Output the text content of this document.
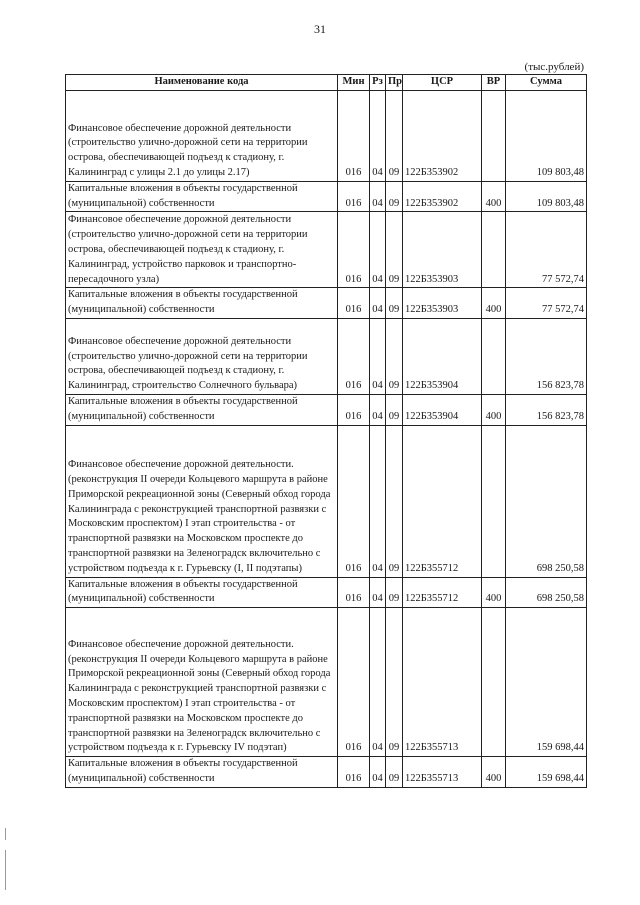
31
(тыс.рублей)
Наименование кода	Мин	Рз	Пр	ЦСР	ВР	Сумма
Финансовое обеспечение дорожной деятельности (строительство улично-дорожной сети на территории острова, обеспечивающей подъезд к стадиону, г. Калининград с улицы 2.1 до улицы 2.17)	016	04	09	122Б353902		109 803,48
Капитальные вложения в объекты государственной (муниципальной) собственности	016	04	09	122Б353902	400	109 803,48
Финансовое обеспечение дорожной деятельности (строительство улично-дорожной сети на территории острова, обеспечивающей подъезд к стадиону, г. Калининград, устройство парковок и транспортно-пересадочного узла)	016	04	09	122Б353903		77 572,74
Капитальные вложения в объекты государственной (муниципальной) собственности	016	04	09	122Б353903	400	77 572,74
Финансовое обеспечение дорожной деятельности (строительство улично-дорожной сети на территории острова, обеспечивающей подъезд к стадиону, г. Калининград, строительство Солнечного бульвара)	016	04	09	122Б353904		156 823,78
Капитальные вложения в объекты государственной (муниципальной) собственности	016	04	09	122Б353904	400	156 823,78
Финансовое обеспечение дорожной деятельности. (реконструкция II очереди Кольцевого маршрута в районе Приморской рекреационной зоны (Северный обход города Калининграда с реконструкцией транспортной развязки с Московским проспектом) I этап строительства - от транспортной развязки на Московском проспекте до транспортной развязки на Зеленоградск включительно с устройством подъезда к г. Гурьевску (I, II подэтапы)	016	04	09	122Б355712		698 250,58
Капитальные вложения в объекты государственной (муниципальной) собственности	016	04	09	122Б355712	400	698 250,58
Финансовое обеспечение дорожной деятельности. (реконструкция II очереди Кольцевого маршрута в районе Приморской рекреационной зоны (Северный обход города Калининграда с реконструкцией транспортной развязки с Московским проспектом) I этап строительства - от транспортной развязки на Московском проспекте до транспортной развязки на Зеленоградск включительно с устройством подъезда к г. Гурьевску IV подэтап)	016	04	09	122Б355713		159 698,44
Капитальные вложения в объекты государственной (муниципальной) собственности	016	04	09	122Б355713	400	159 698,44
